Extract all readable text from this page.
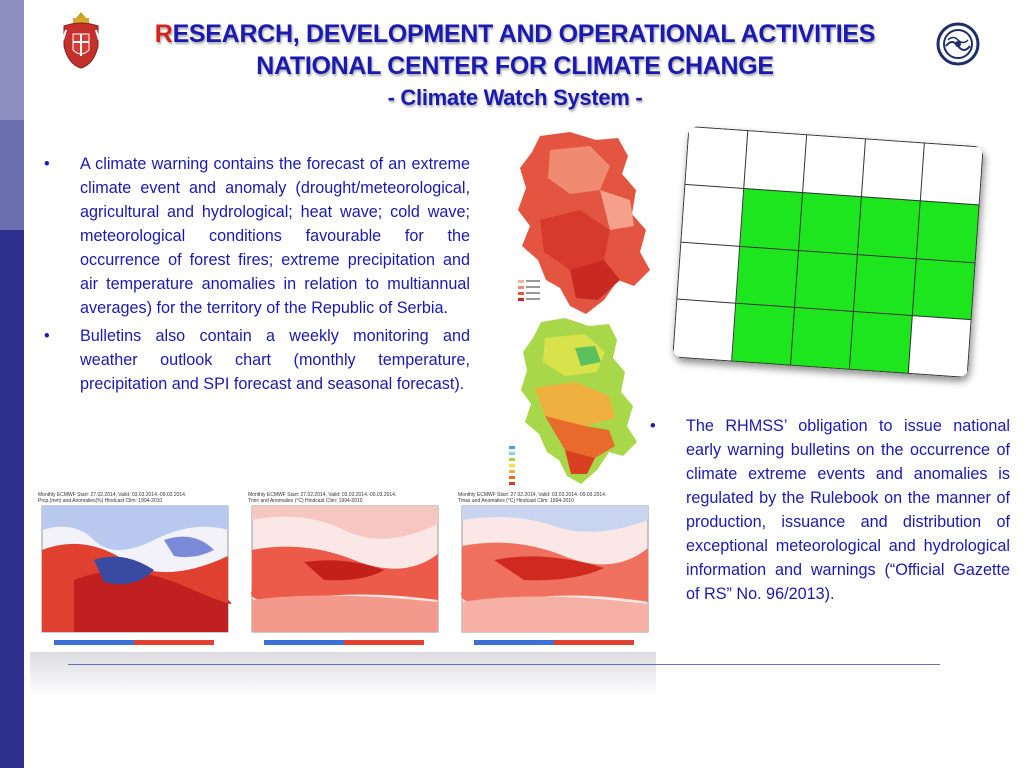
RESEARCH, DEVELOPMENT AND OPERATIONAL ACTIVITIES
NATIONAL CENTER FOR CLIMATE CHANGE
- Climate Watch System -
• A climate warning contains the forecast of an extreme climate event and anomaly (drought/meteorological, agricultural and hydrological; heat wave; cold wave; meteorological conditions favourable for the occurrence of forest fires; extreme precipitation and air temperature anomalies in relation to multiannual averages) for the territory of the Republic of Serbia.
• Bulletins also contain a weekly monitoring and weather outlook chart (monthly temperature, precipitation and SPI forecast and seasonal forecast).

• The RHMSS’ obligation to issue national early warning bulletins on the occurrence of climate extreme events and anomalies is regulated by the Rulebook on the manner of production, issuance and distribution of exceptional meteorological and hydrological information and warnings (“Official Gazette of RS” No. 96/2013).
Monthly ECMWF Start: 27.02.2014, Valid: 03.03.2014.-09.03.2014.
Prcp.(mm) and Anomalies(%) Hindcast Clim: 1994-2010
Monthly ECMWF Start: 27.02.2014, Valid: 03.03.2014.-09.03.2014.
Tmin and Anomalies (°C) Hindcast Clim: 1994-2010
Monthly ECMWF Start: 27.02.2014, Valid: 03.03.2014.-09.03.2014.
Tmax and Anomalies (°C) Hindcast Clim: 1994-2010
